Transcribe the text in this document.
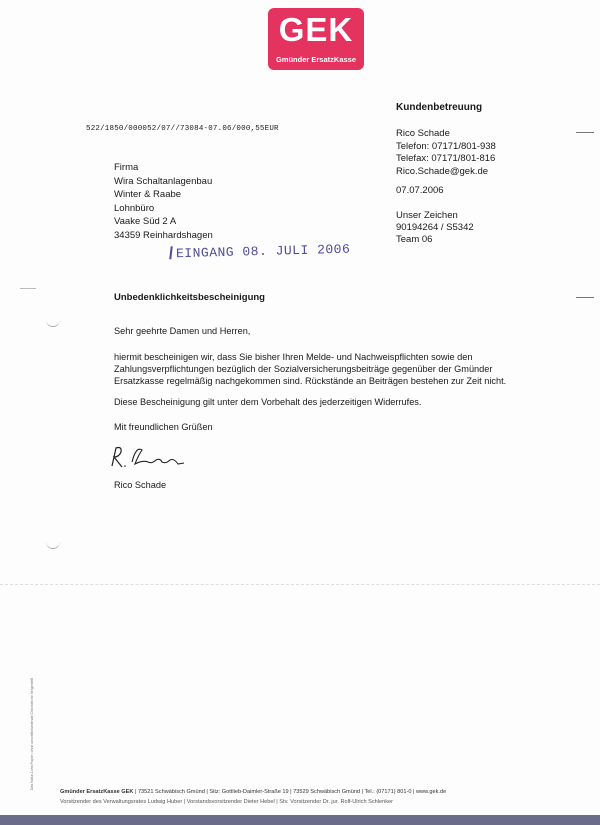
GEK
Gmünder ErsatzKasse
522/1850/000052/07//73084-07.06/000,55EUR
Kundenbetreuung
Rico Schade
Telefon: 07171/801-938
Telefax: 07171/801-816
Rico.Schade@gek.de
07.07.2006
Unser Zeichen
90194264 / S5342
Team 06
Firma
Wira Schaltanlagenbau
Winter & Raabe
Lohnbüro
Vaake Süd 2 A
34359 Reinhardshagen
EINGANG 08. JULI 2006
Unbedenklichkeitsbescheinigung
Sehr geehrte Damen und Herren,
hiermit bescheinigen wir, dass Sie bisher Ihren Melde- und Nachweispflichten sowie den Zahlungsverpflichtungen bezüglich der Sozialversicherungsbeiträge gegenüber der Gmünder Ersatzkasse regelmäßig nachgekommen sind. Rückstände an Beiträgen bestehen zur Zeit nicht.
Diese Bescheinigung gilt unter dem Vorbehalt des jederzeitigen Widerrufes.
Mit freundlichen Grüßen
Rico Schade
Das Natur-Lohn Papier, ohne umweltbelastende Chlorbleiche hergestellt
Gmünder ErsatzKasse GEK | 73521 Schwäbisch Gmünd | Sitz: Gottlieb-Daimler-Straße 19 | 73529 Schwäbisch Gmünd | Tel.: (07171) 801-0 | www.gek.de
Vorsitzender des Verwaltungsrates Ludwig Huber | Vorstandsvorsitzender Dieter Hebel | Stv. Vorsitzender Dr. jur. Rolf-Ulrich Schlenker
